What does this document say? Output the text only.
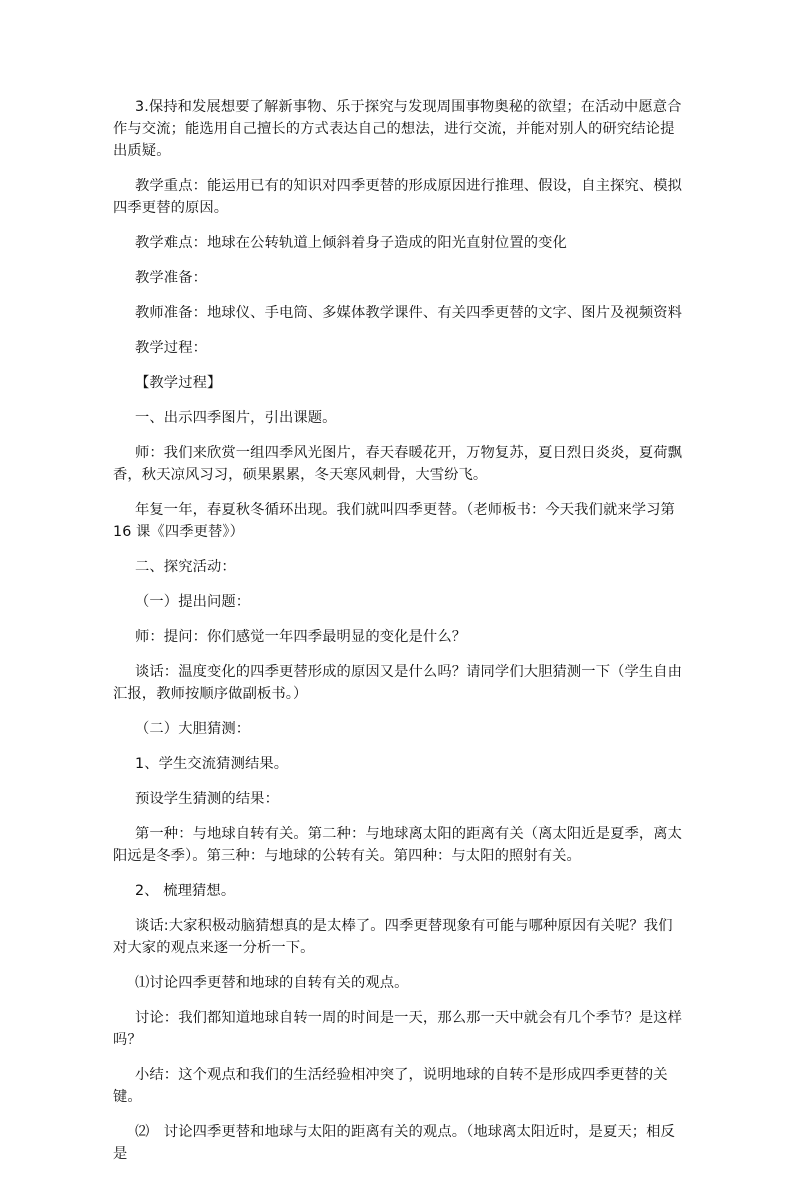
3.保持和发展想要了解新事物、乐于探究与发现周围事物奥秘的欲望；在活动中愿意合作与交流；能选用自己擅长的方式表达自己的想法，进行交流，并能对别人的研究结论提出质疑。

教学重点：能运用已有的知识对四季更替的形成原因进行推理、假设，自主探究、模拟四季更替的原因。

教学难点：地球在公转轨道上倾斜着身子造成的阳光直射位置的变化

教学准备：

教师准备：地球仪、手电筒、多媒体教学课件、有关四季更替的文字、图片及视频资料

教学过程：

【教学过程】

一、出示四季图片，引出课题。

师：我们来欣赏一组四季风光图片，春天春暖花开，万物复苏，夏日烈日炎炎，夏荷飘香，秋天凉风习习，硕果累累，冬天寒风刺骨，大雪纷飞。

年复一年，春夏秋冬循环出现。我们就叫四季更替。（老师板书：今天我们就来学习第 16 课《四季更替》）

二、探究活动：

（一）提出问题：

师：提问：你们感觉一年四季最明显的变化是什么？

谈话：温度变化的四季更替形成的原因又是什么吗？请同学们大胆猜测一下（学生自由汇报，教师按顺序做副板书。）

（二）大胆猜测：

1、学生交流猜测结果。

预设学生猜测的结果：

第一种：与地球自转有关。第二种：与地球离太阳的距离有关（离太阳近是夏季，离太阳远是冬季）。第三种：与地球的公转有关。第四种：与太阳的照射有关。

2、 梳理猜想。

谈话:大家积极动脑猜想真的是太棒了。四季更替现象有可能与哪种原因有关呢？我们对大家的观点来逐一分析一下。

⑴讨论四季更替和地球的自转有关的观点。

讨论：我们都知道地球自转一周的时间是一天，那么那一天中就会有几个季节？是这样吗？

小结：这个观点和我们的生活经验相冲突了，说明地球的自转不是形成四季更替的关键。

⑵　讨论四季更替和地球与太阳的距离有关的观点。（地球离太阳近时，是夏天；相反是
